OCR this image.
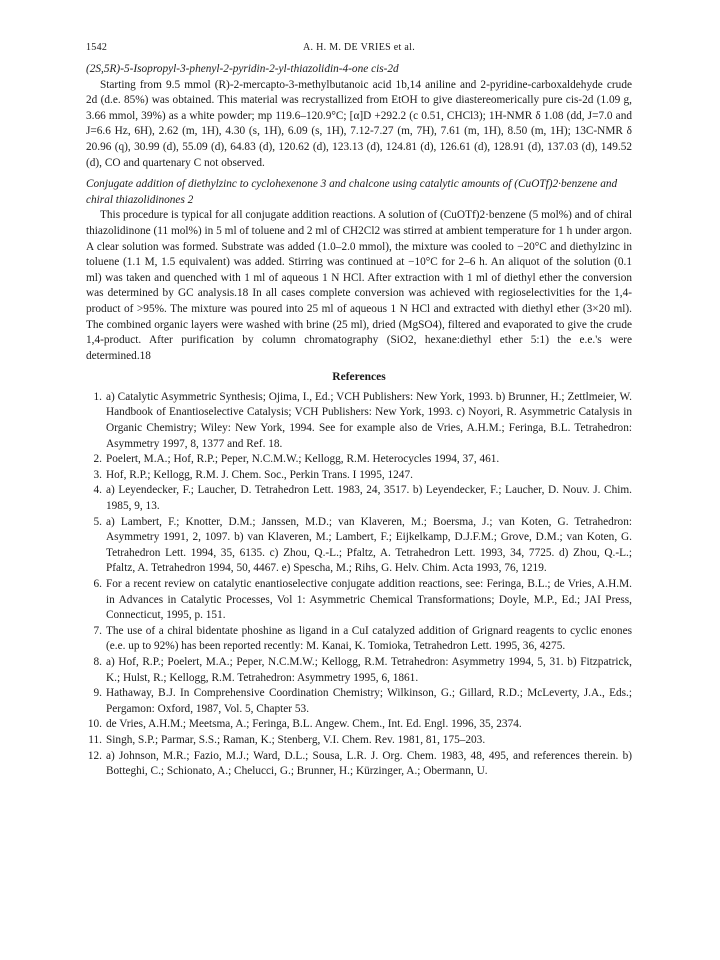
1542	A. H. M. DE VRIES et al.
(2S,5R)-5-Isopropyl-3-phenyl-2-pyridin-2-yl-thiazolidin-4-one cis-2d

Starting from 9.5 mmol (R)-2-mercapto-3-methylbutanoic acid 1b,14 aniline and 2-pyridine-carboxaldehyde crude 2d (d.e. 85%) was obtained. This material was recrystallized from EtOH to give diastereomerically pure cis-2d (1.09 g, 3.66 mmol, 39%) as a white powder; mp 119.6–120.9°C; [α]D +292.2 (c 0.51, CHCl3); 1H-NMR δ 1.08 (dd, J=7.0 and J=6.6 Hz, 6H), 2.62 (m, 1H), 4.30 (s, 1H), 6.09 (s, 1H), 7.12-7.27 (m, 7H), 7.61 (m, 1H), 8.50 (m, 1H); 13C-NMR δ 20.96 (q), 30.99 (d), 55.09 (d), 64.83 (d), 120.62 (d), 123.13 (d), 124.81 (d), 126.61 (d), 128.91 (d), 137.03 (d), 149.52 (d), CO and quartenary C not observed.

Conjugate addition of diethylzinc to cyclohexenone 3 and chalcone using catalytic amounts of (CuOTf)2·benzene and chiral thiazolidinones 2

This procedure is typical for all conjugate addition reactions. A solution of (CuOTf)2·benzene (5 mol%) and of chiral thiazolidinone (11 mol%) in 5 ml of toluene and 2 ml of CH2Cl2 was stirred at ambient temperature for 1 h under argon. A clear solution was formed. Substrate was added (1.0–2.0 mmol), the mixture was cooled to −20°C and diethylzinc in toluene (1.1 M, 1.5 equivalent) was added. Stirring was continued at −10°C for 2–6 h. An aliquot of the solution (0.1 ml) was taken and quenched with 1 ml of aqueous 1 N HCl. After extraction with 1 ml of diethyl ether the conversion was determined by GC analysis.18 In all cases complete conversion was achieved with regioselectivities for the 1,4-product of >95%. The mixture was poured into 25 ml of aqueous 1 N HCl and extracted with diethyl ether (3×20 ml). The combined organic layers were washed with brine (25 ml), dried (MgSO4), filtered and evaporated to give the crude 1,4-product. After purification by column chromatography (SiO2, hexane:diethyl ether 5:1) the e.e.'s were determined.18

References
1. a) Catalytic Asymmetric Synthesis; Ojima, I., Ed.; VCH Publishers: New York, 1993. b) Brunner, H.; Zettlmeier, W. Handbook of Enantioselective Catalysis; VCH Publishers: New York, 1993. c) Noyori, R. Asymmetric Catalysis in Organic Chemistry; Wiley: New York, 1994. See for example also de Vries, A.H.M.; Feringa, B.L. Tetrahedron: Asymmetry 1997, 8, 1377 and Ref. 18.
2. Poelert, M.A.; Hof, R.P.; Peper, N.C.M.W.; Kellogg, R.M. Heterocycles 1994, 37, 461.
3. Hof, R.P.; Kellogg, R.M. J. Chem. Soc., Perkin Trans. I 1995, 1247.
4. a) Leyendecker, F.; Laucher, D. Tetrahedron Lett. 1983, 24, 3517. b) Leyendecker, F.; Laucher, D. Nouv. J. Chim. 1985, 9, 13.
5. a) Lambert, F.; Knotter, D.M.; Janssen, M.D.; van Klaveren, M.; Boersma, J.; van Koten, G. Tetrahedron: Asymmetry 1991, 2, 1097. b) van Klaveren, M.; Lambert, F.; Eijkelkamp, D.J.F.M.; Grove, D.M.; van Koten, G. Tetrahedron Lett. 1994, 35, 6135. c) Zhou, Q.-L.; Pfaltz, A. Tetrahedron Lett. 1993, 34, 7725. d) Zhou, Q.-L.; Pfaltz, A. Tetrahedron 1994, 50, 4467. e) Spescha, M.; Rihs, G. Helv. Chim. Acta 1993, 76, 1219.
6. For a recent review on catalytic enantioselective conjugate addition reactions, see: Feringa, B.L.; de Vries, A.H.M. in Advances in Catalytic Processes, Vol 1: Asymmetric Chemical Transformations; Doyle, M.P., Ed.; JAI Press, Connecticut, 1995, p. 151.
7. The use of a chiral bidentate phoshine as ligand in a CuI catalyzed addition of Grignard reagents to cyclic enones (e.e. up to 92%) has been reported recently: M. Kanai, K. Tomioka, Tetrahedron Lett. 1995, 36, 4275.
8. a) Hof, R.P.; Poelert, M.A.; Peper, N.C.M.W.; Kellogg, R.M. Tetrahedron: Asymmetry 1994, 5, 31. b) Fitzpatrick, K.; Hulst, R.; Kellogg, R.M. Tetrahedron: Asymmetry 1995, 6, 1861.
9. Hathaway, B.J. In Comprehensive Coordination Chemistry; Wilkinson, G.; Gillard, R.D.; McLeverty, J.A., Eds.; Pergamon: Oxford, 1987, Vol. 5, Chapter 53.
10. de Vries, A.H.M.; Meetsma, A.; Feringa, B.L. Angew. Chem., Int. Ed. Engl. 1996, 35, 2374.
11. Singh, S.P.; Parmar, S.S.; Raman, K.; Stenberg, V.I. Chem. Rev. 1981, 81, 175–203.
12. a) Johnson, M.R.; Fazio, M.J.; Ward, D.L.; Sousa, L.R. J. Org. Chem. 1983, 48, 495, and references therein. b) Botteghi, C.; Schionato, A.; Chelucci, G.; Brunner, H.; Kürzinger, A.; Obermann, U.
